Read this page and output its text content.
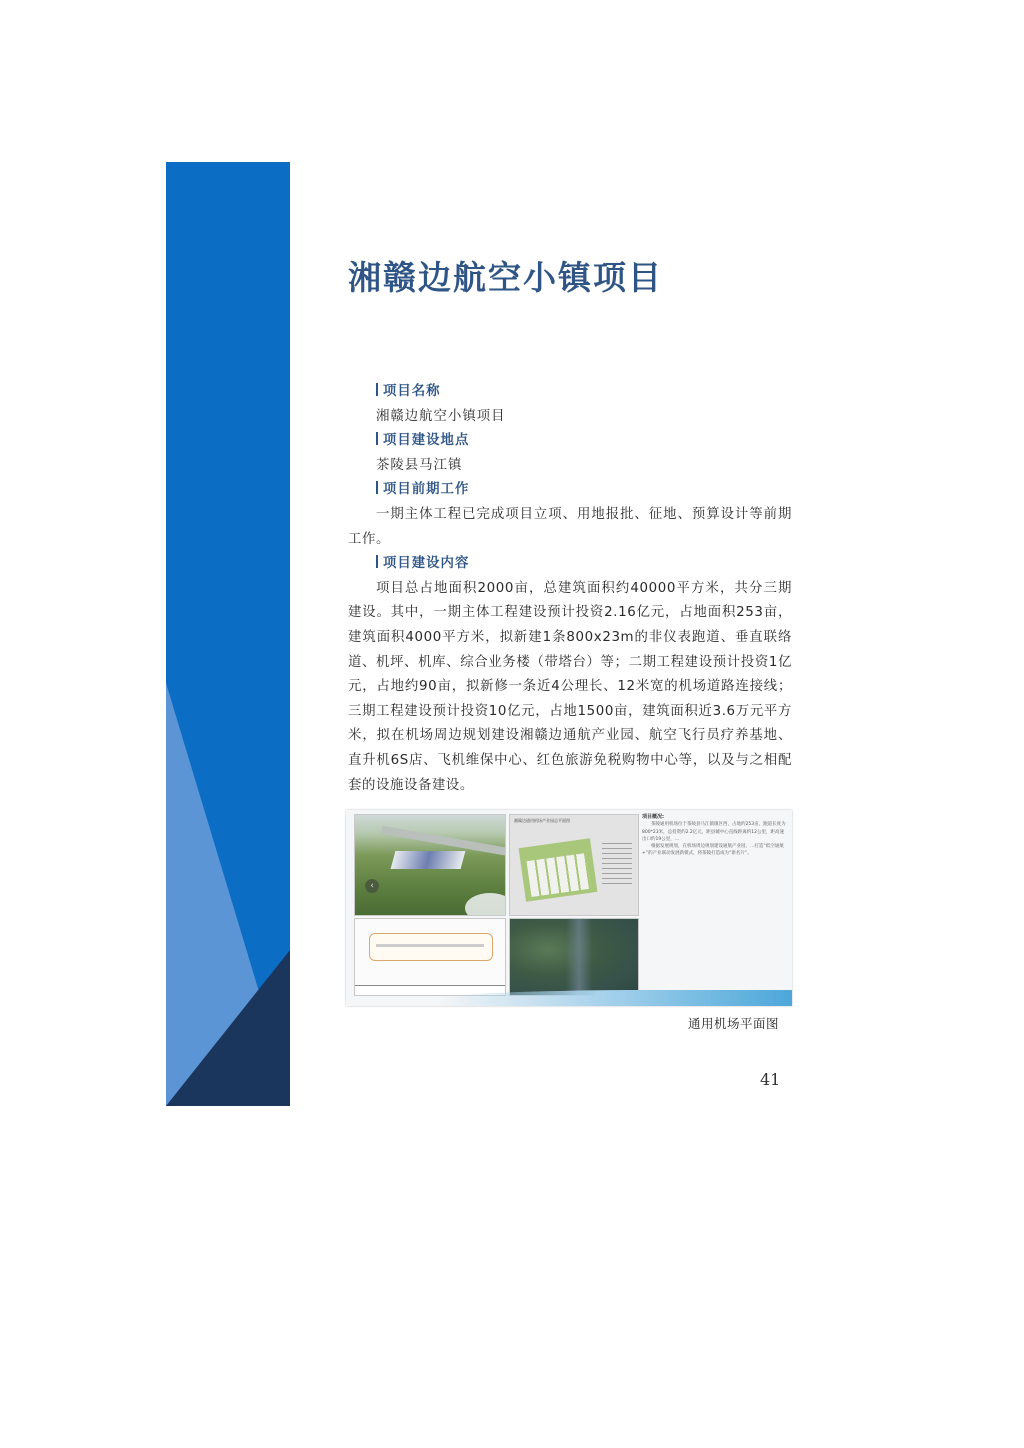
湘赣边航空小镇项目
项目名称
湘赣边航空小镇项目
项目建设地点
茶陵县马江镇
项目前期工作
一期主体工程已完成项目立项、用地报批、征地、预算设计等前期工作。
项目建设内容
项目总占地面积2000亩，总建筑面积约40000平方米，共分三期建设。其中，一期主体工程建设预计投资2.16亿元，占地面积253亩，建筑面积4000平方米，拟新建1条800x23m的非仪表跑道、垂直联络道、机坪、机库、综合业务楼（带塔台）等；二期工程建设预计投资1亿元，占地约90亩，拟新修一条近4公理长、12米宽的机场道路连接线；三期工程建设预计投资10亿元，占地1500亩，建筑面积近3.6万元平方米，拟在机场周边规划建设湘赣边通航产业园、航空飞行员疗养基地、直升机6S店、飞机维保中心、红色旅游免税购物中心等，以及与之相配套的设施设备建设。
‹
湘赣边通用机场产业园总平面图
项目概况:
茶陵通用机场位于茶陵县马江镇镇区西，占地约253亩，跑道长度为800*23米，总投资约2.2亿元，距县城中心直线距离约12公里，距高速出口约19公里，…
根据发展规划，在机场周边规划建设通航产业园，…打造“低空通航+”的产业联动发展新模式，将茶陵打造成为“新名片”。
通用机场平面图
41
